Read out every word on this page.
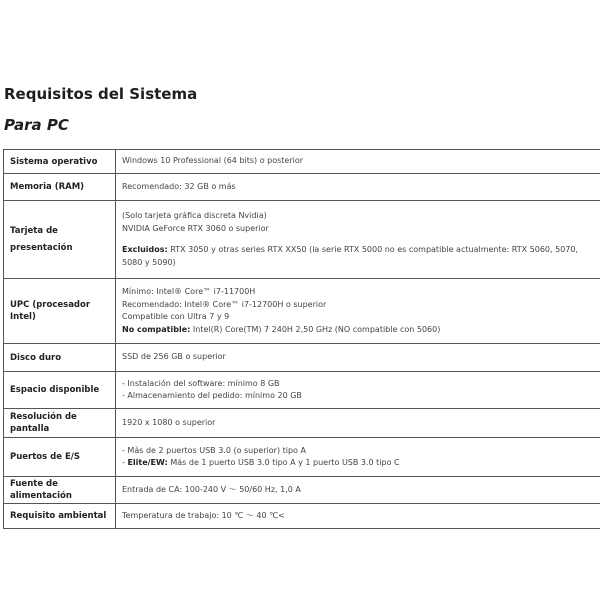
Requisitos del Sistema
Para PC
Sistema operativo	Windows 10 Professional (64 bits) o posterior

Memoria (RAM)	Recomendado: 32 GB o más

Tarjeta de presentación	(Solo tarjeta gráfica discreta Nvidia)
NVIDIA GeForce RTX 3060 o superior
Excluidos: RTX 3050 y otras series RTX XX50 (la serie RTX 5000 no es compatible actualmente: RTX 5060, 5070, 5080 y 5090)

UPC (procesador Intel)	Mínimo: Intel® Core™ i7-11700H
Recomendado: Intel® Core™ i7-12700H o superior
Compatible con Ultra 7 y 9
No compatible: Intel(R) Core(TM) 7 240H 2,50 GHz (NO compatible con 5060)

Disco duro	SSD de 256 GB o superior

Espacio disponible	- Instalación del software: mínimo 8 GB
- Almacenamiento del pedido: mínimo 20 GB

Resolución de pantalla	1920 x 1080 o superior

Puertos de E/S	- Más de 2 puertos USB 3.0 (o superior) tipo A
- Elite/EW: Más de 1 puerto USB 3.0 tipo A y 1 puerto USB 3.0 tipo C

Fuente de alimentación	Entrada de CA: 100-240 V ～ 50/60 Hz, 1,0 A

Requisito ambiental	Temperatura de trabajo: 10 ℃ ～ 40 ℃<
